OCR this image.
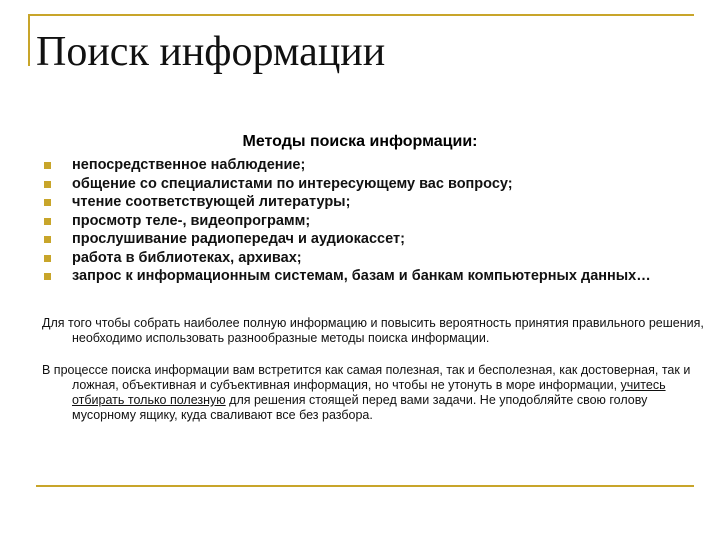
Поиск информации
Методы поиска информации:
непосредственное наблюдение;
общение со специалистами по интересующему вас вопросу;
чтение соответствующей литературы;
просмотр теле-, видеопрограмм;
прослушивание радиопередач и аудиокассет;
работа в библиотеках, архивах;
запрос к информационным системам, базам и банкам компьютерных данных…

Для того чтобы собрать наиболее полную информацию и повысить вероятность принятия правильного решения, необходимо использовать разнообразные методы поиска информации.

В процессе поиска информации вам встретится как самая полезная, так и бесполезная, как достоверная, так и ложная, объективная и субъективная информация, но чтобы не утонуть в море информации, учитесь отбирать только полезную для решения стоящей перед вами задачи. Не уподобляйте свою голову мусорному ящику, куда сваливают все без разбора.
